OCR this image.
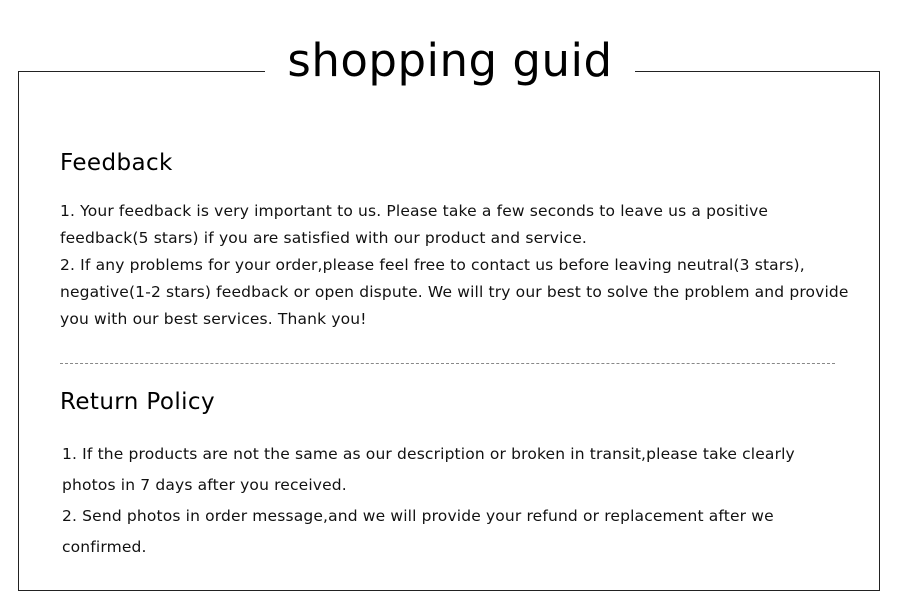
shopping guid
Feedback

1. Your feedback is very important to us. Please take a few seconds to leave us a positive feedback(5 stars) if you are satisfied with our product and service.

2. If any problems for your order,please feel free to contact us before leaving neutral(3 stars), negative(1-2 stars) feedback or open dispute. We will try our best to solve the problem and provide you with our best services. Thank you!

Return Policy

1. If the products are not the same as our description or broken in transit,please take clearly photos in 7 days after you received.

2. Send photos in order message,and we will provide your refund or replacement after we confirmed.
